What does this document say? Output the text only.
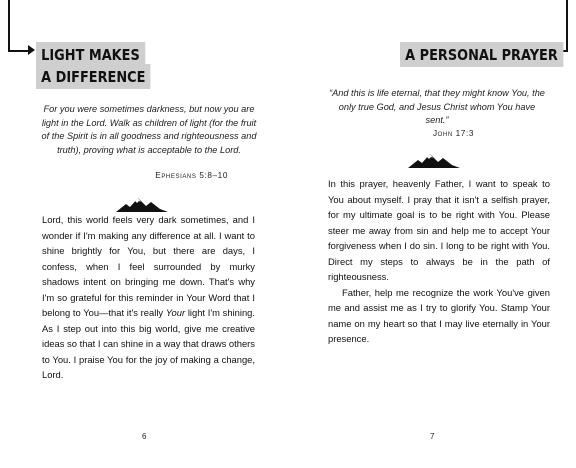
LIGHT MAKES
A DIFFERENCE
For you were sometimes darkness, but now you are light in the Lord. Walk as children of light (for the fruit of the Spirit is in all goodness and righteousness and truth), proving what is acceptable to the Lord.
Ephesians 5:8–10

Lord, this world feels very dark sometimes, and I wonder if I'm making any difference at all. I want to shine brightly for You, but there are days, I confess, when I feel surrounded by murky shadows intent on bringing me down. That's why I'm so grateful for this reminder in Your Word that I belong to You—that it's really Your light I'm shining. As I step out into this big world, give me creative ideas so that I can shine in a way that draws others to You. I praise You for the joy of making a change, Lord.

6
A PERSONAL PRAYER
“And this is life eternal, that they might know You, the only true God, and Jesus Christ whom You have sent.”
John 17:3

In this prayer, heavenly Father, I want to speak to You about myself. I pray that it isn't a selfish prayer, for my ultimate goal is to be right with You. Please steer me away from sin and help me to accept Your forgiveness when I do sin. I long to be right with You. Direct my steps to always be in the path of righteousness.

Father, help me recognize the work You've given me and assist me as I try to glorify You. Stamp Your name on my heart so that I may live eternally in Your presence.

7
